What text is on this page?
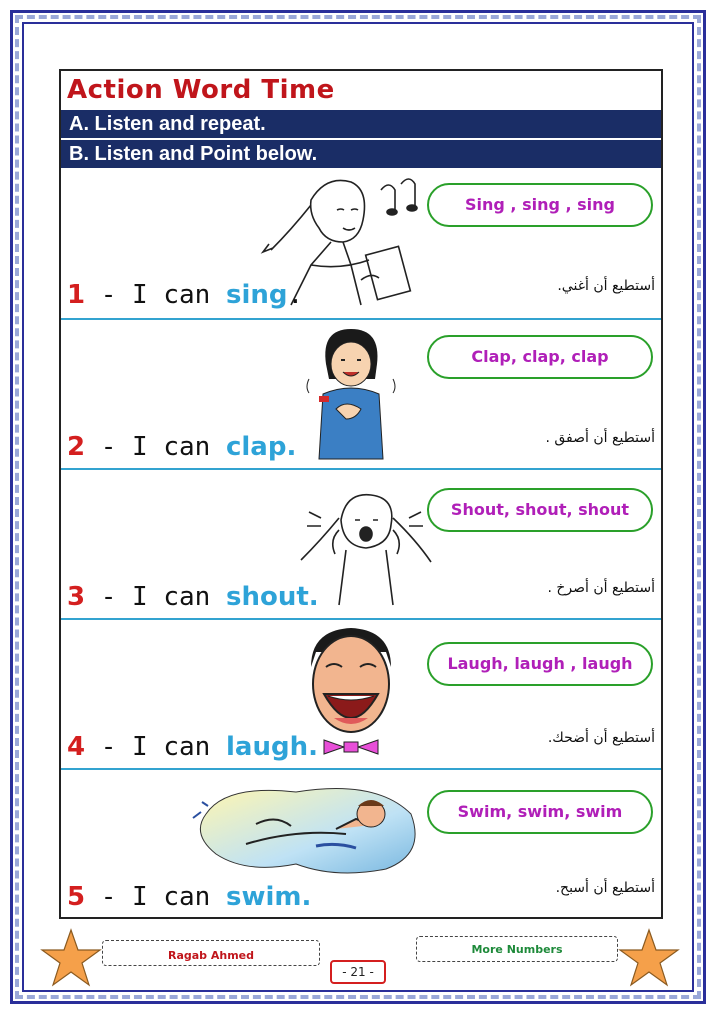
Action Word Time
A. Listen and repeat.
B. Listen and Point below.
Sing , sing , sing
أستطيع أن أغني.
1 - I can sing.
Clap, clap, clap
أستطيع أن أصفق .
2 - I can clap.
Shout, shout, shout
أستطيع أن أصرخ .
3 - I can shout.
Laugh, laugh , laugh
أستطيع أن أضحك.
4 - I can laugh.
Swim, swim, swim
أستطيع أن أسبح.
5 - I can swim.
Ragab Ahmed	More Numbers
- 21 -
